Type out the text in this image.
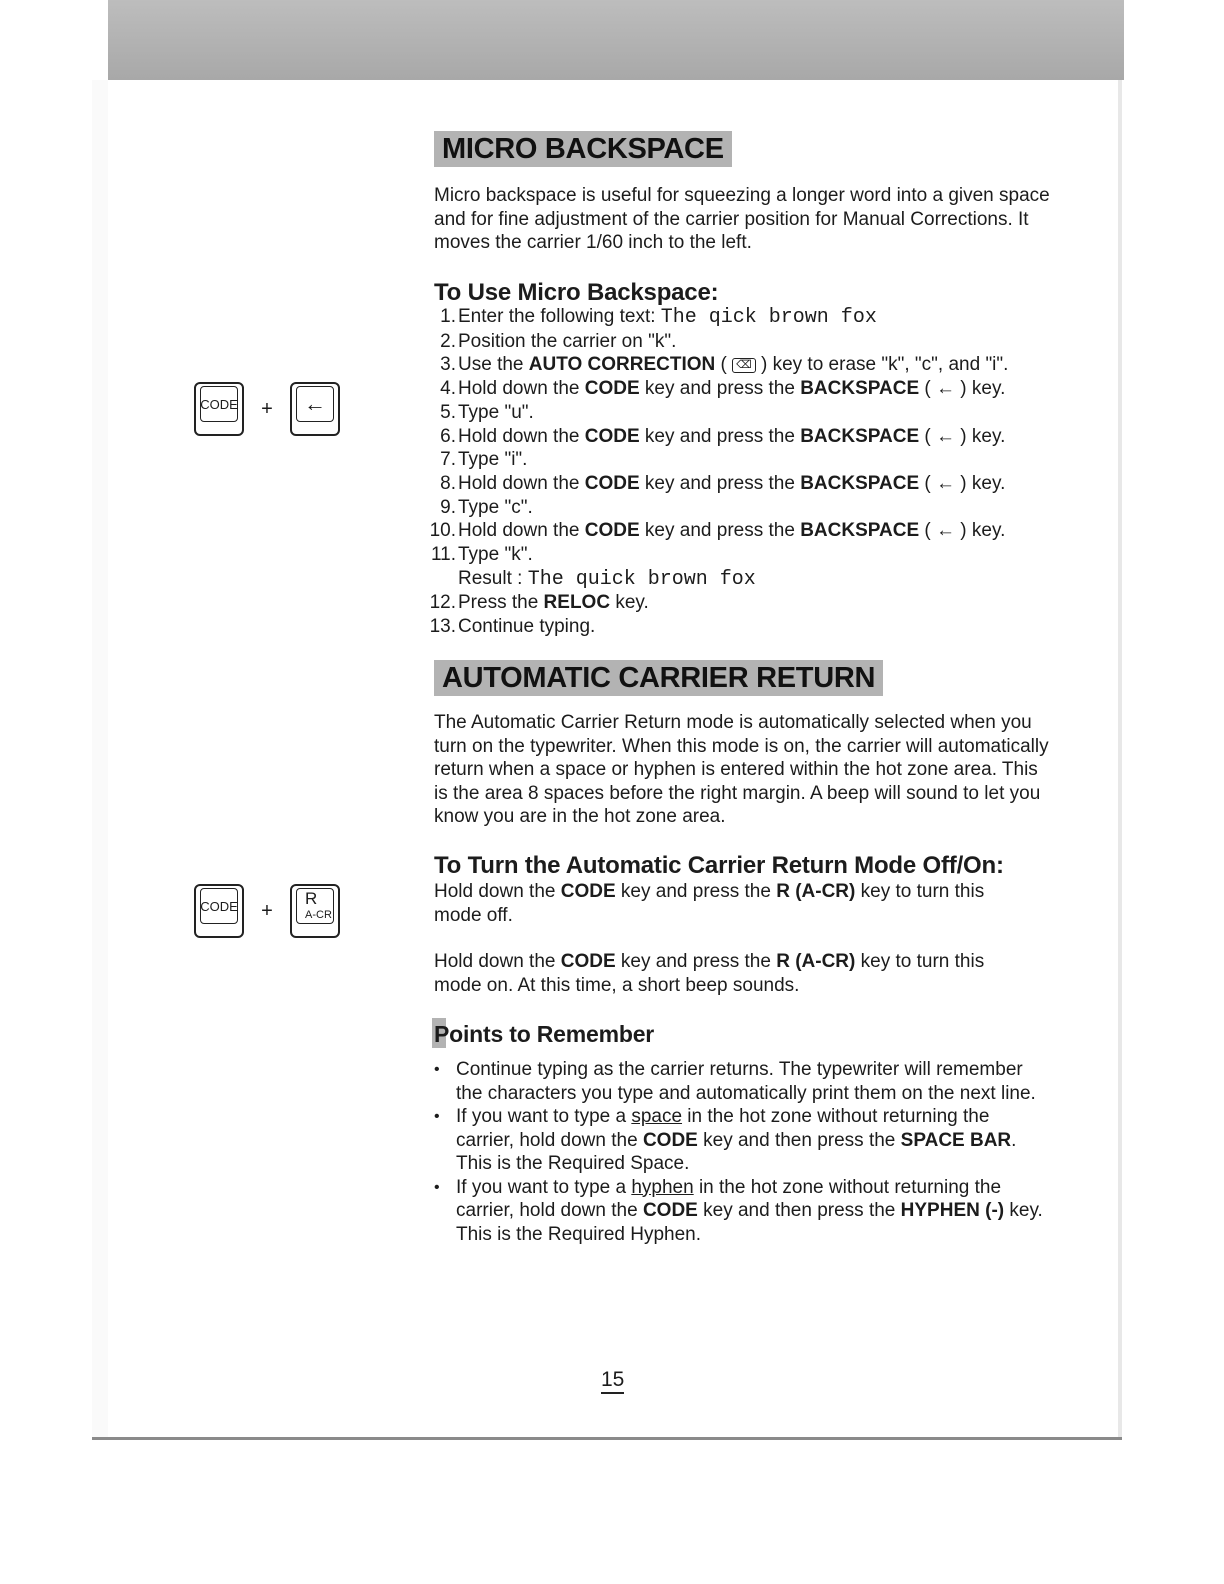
MICRO BACKSPACE

Micro backspace is useful for squeezing a longer word into a given space and for fine adjustment of the carrier position for Manual Corrections. It moves the carrier 1/60 inch to the left.

To Use Micro Backspace:
1. Enter the following text: The qick brown fox
2. Position the carrier on "k".
3. Use the AUTO CORRECTION ( ⌫ ) key to erase "k", "c", and "i".
4. Hold down the CODE key and press the BACKSPACE ( ← ) key.
5. Type "u".
6. Hold down the CODE key and press the BACKSPACE ( ← ) key.
7. Type "i".
8. Hold down the CODE key and press the BACKSPACE ( ← ) key.
9. Type "c".
10. Hold down the CODE key and press the BACKSPACE ( ← ) key.
11. Type "k".
Result : The quick brown fox
12. Press the RELOC key.
13. Continue typing.
CODE	+	←
AUTOMATIC CARRIER RETURN

The Automatic Carrier Return mode is automatically selected when you turn on the typewriter. When this mode is on, the carrier will automatically return when a space or hyphen is entered within the hot zone area. This is the area 8 spaces before the right margin. A beep will sound to let you know you are in the hot zone area.

To Turn the Automatic Carrier Return Mode Off/On:

Hold down the CODE key and press the R (A-CR) key to turn this mode off.

Hold down the CODE key and press the R (A-CR) key to turn this mode on. At this time, a short beep sounds.

CODE	+
R
A-CR
Points to Remember
• Continue typing as the carrier returns. The typewriter will remember the characters you type and automatically print them on the next line.
• If you want to type a space in the hot zone without returning the carrier, hold down the CODE key and then press the SPACE BAR. This is the Required Space.
• If you want to type a hyphen in the hot zone without returning the carrier, hold down the CODE key and then press the HYPHEN (-) key. This is the Required Hyphen.
15
